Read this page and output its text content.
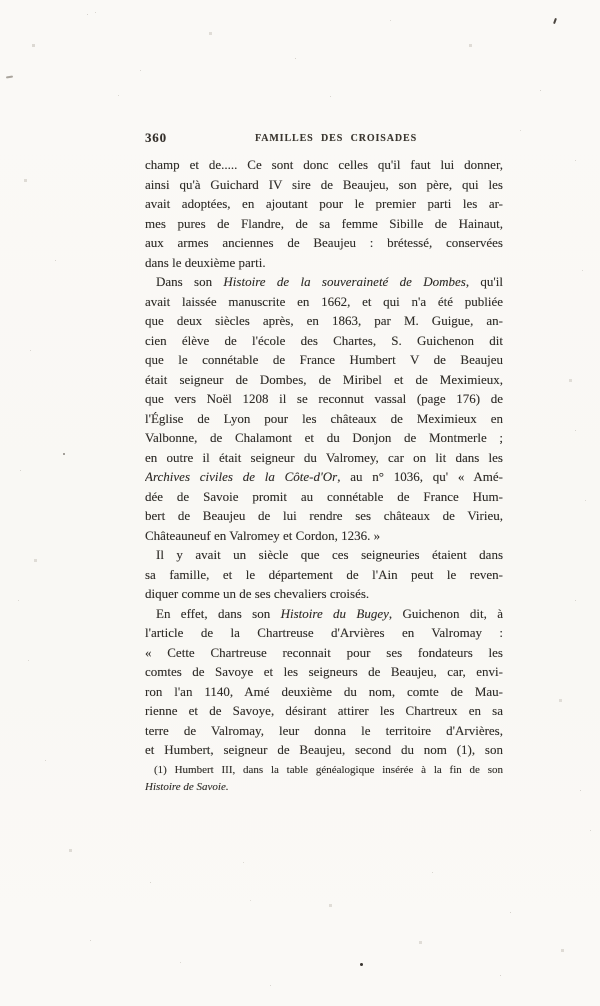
360	FAMILLES DES CROISADES
champ et de..... Ce sont donc celles qu'il faut lui donner,
ainsi qu'à Guichard IV sire de Beaujeu, son père, qui les
avait adoptées, en ajoutant pour le premier parti les ar-
mes pures de Flandre, de sa femme Sibille de Hainaut,
aux armes anciennes de Beaujeu : brétessé, conservées
dans le deuxième parti.
Dans son Histoire de la souveraineté de Dombes, qu'il
avait laissée manuscrite en 1662, et qui n'a été publiée
que deux siècles après, en 1863, par M. Guigue, an-
cien élève de l'école des Chartes, S. Guichenon dit
que le connétable de France Humbert V de Beaujeu
était seigneur de Dombes, de Miribel et de Meximieux,
que vers Noël 1208 il se reconnut vassal (page 176) de
l'Église de Lyon pour les châteaux de Meximieux en
Valbonne, de Chalamont et du Donjon de Montmerle ;
en outre il était seigneur du Valromey, car on lit dans les
Archives civiles de la Côte-d'Or, au n° 1036, qu' « Amé-
dée de Savoie promit au connétable de France Hum-
bert de Beaujeu de lui rendre ses châteaux de Virieu,
Châteauneuf en Valromey et Cordon, 1236. »
Il y avait un siècle que ces seigneuries étaient dans
sa famille, et le département de l'Ain peut le reven-
diquer comme un de ses chevaliers croisés.
En effet, dans son Histoire du Bugey, Guichenon dit, à
l'article de la Chartreuse d'Arvières en Valromay :
« Cette Chartreuse reconnait pour ses fondateurs les
comtes de Savoye et les seigneurs de Beaujeu, car, envi-
ron l'an 1140, Amé deuxième du nom, comte de Mau-
rienne et de Savoye, désirant attirer les Chartreux en sa
terre de Valromay, leur donna le territoire d'Arvières,
et Humbert, seigneur de Beaujeu, second du nom (1), son
(1) Humbert III, dans la table généalogique insérée à la fin de son
Histoire de Savoie.
